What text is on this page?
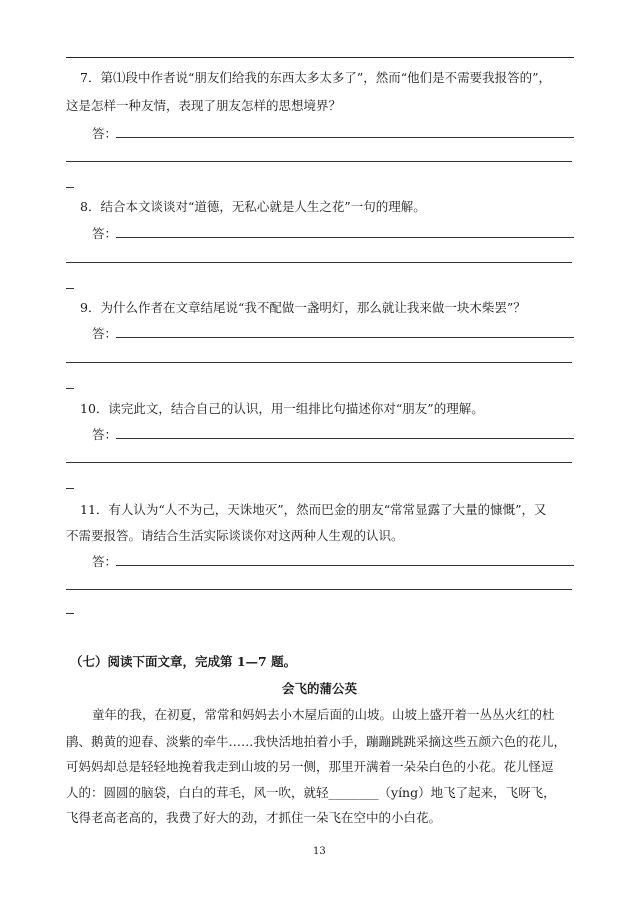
7．第⑴段中作者说“朋友们给我的东西太多太多了”，然而“他们是不需要我报答的”，
这是怎样一种友情，表现了朋友怎样的思想境界？
答：
8．结合本文谈谈对“道德，无私心就是人生之花”一句的理解。
答：
9．为什么作者在文章结尾说“我不配做一盏明灯，那么就让我来做一块木柴罢”？
答：
10．读完此文，结合自己的认识，用一组排比句描述你对“朋友”的理解。
答：
11．有人认为“人不为己，天诛地灭”，然而巴金的朋友“常常显露了大量的慷慨”，又
不需要报答。请结合生活实际谈谈你对这两种人生观的认识。
答：
（七）阅读下面文章，完成第 1—7 题。
会飞的蒲公英
童年的我，在初夏，常常和妈妈去小木屋后面的山坡。山坡上盛开着一丛丛火红的杜
鹃、鹅黄的迎春、淡紫的牵牛……我快活地拍着小手，蹦蹦跳跳采摘这些五颜六色的花儿，
可妈妈却总是轻轻地挽着我走到山坡的另一侧，那里开满着一朵朵白色的小花。花儿怪逗
人的：圆圆的脑袋，白白的茸毛，风一吹，就轻________（yíng）地飞了起来，飞呀飞，
飞得老高老高的，我费了好大的劲，才抓住一朵飞在空中的小白花。
13
